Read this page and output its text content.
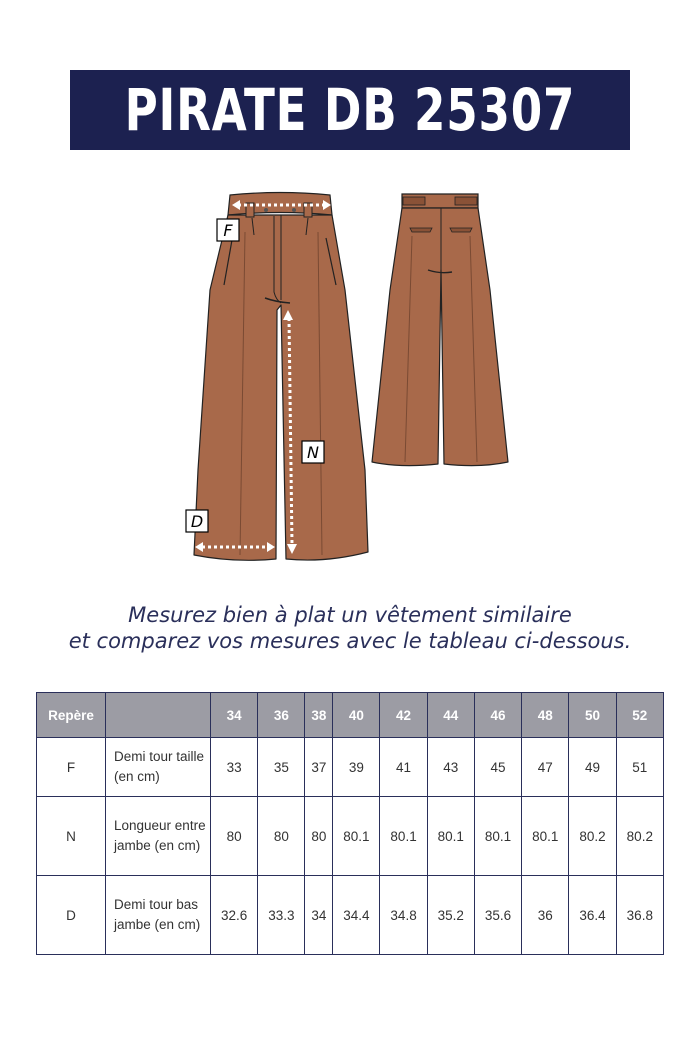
PIRATE DB 25307
F
N
D
Mesurez bien à plat un vêtement similaire
et comparez vos mesures avec le tableau ci-dessous.
Repère		34	36	38	40	42	44	46	48	50	52
F	Demi tour taille (en cm)	33	35	37	39	41	43	45	47	49	51
N	Longueur entre jambe (en cm)	80	80	80	80.1	80.1	80.1	80.1	80.1	80.2	80.2
D	Demi tour bas jambe (en cm)	32.6	33.3	34	34.4	34.8	35.2	35.6	36	36.4	36.8
